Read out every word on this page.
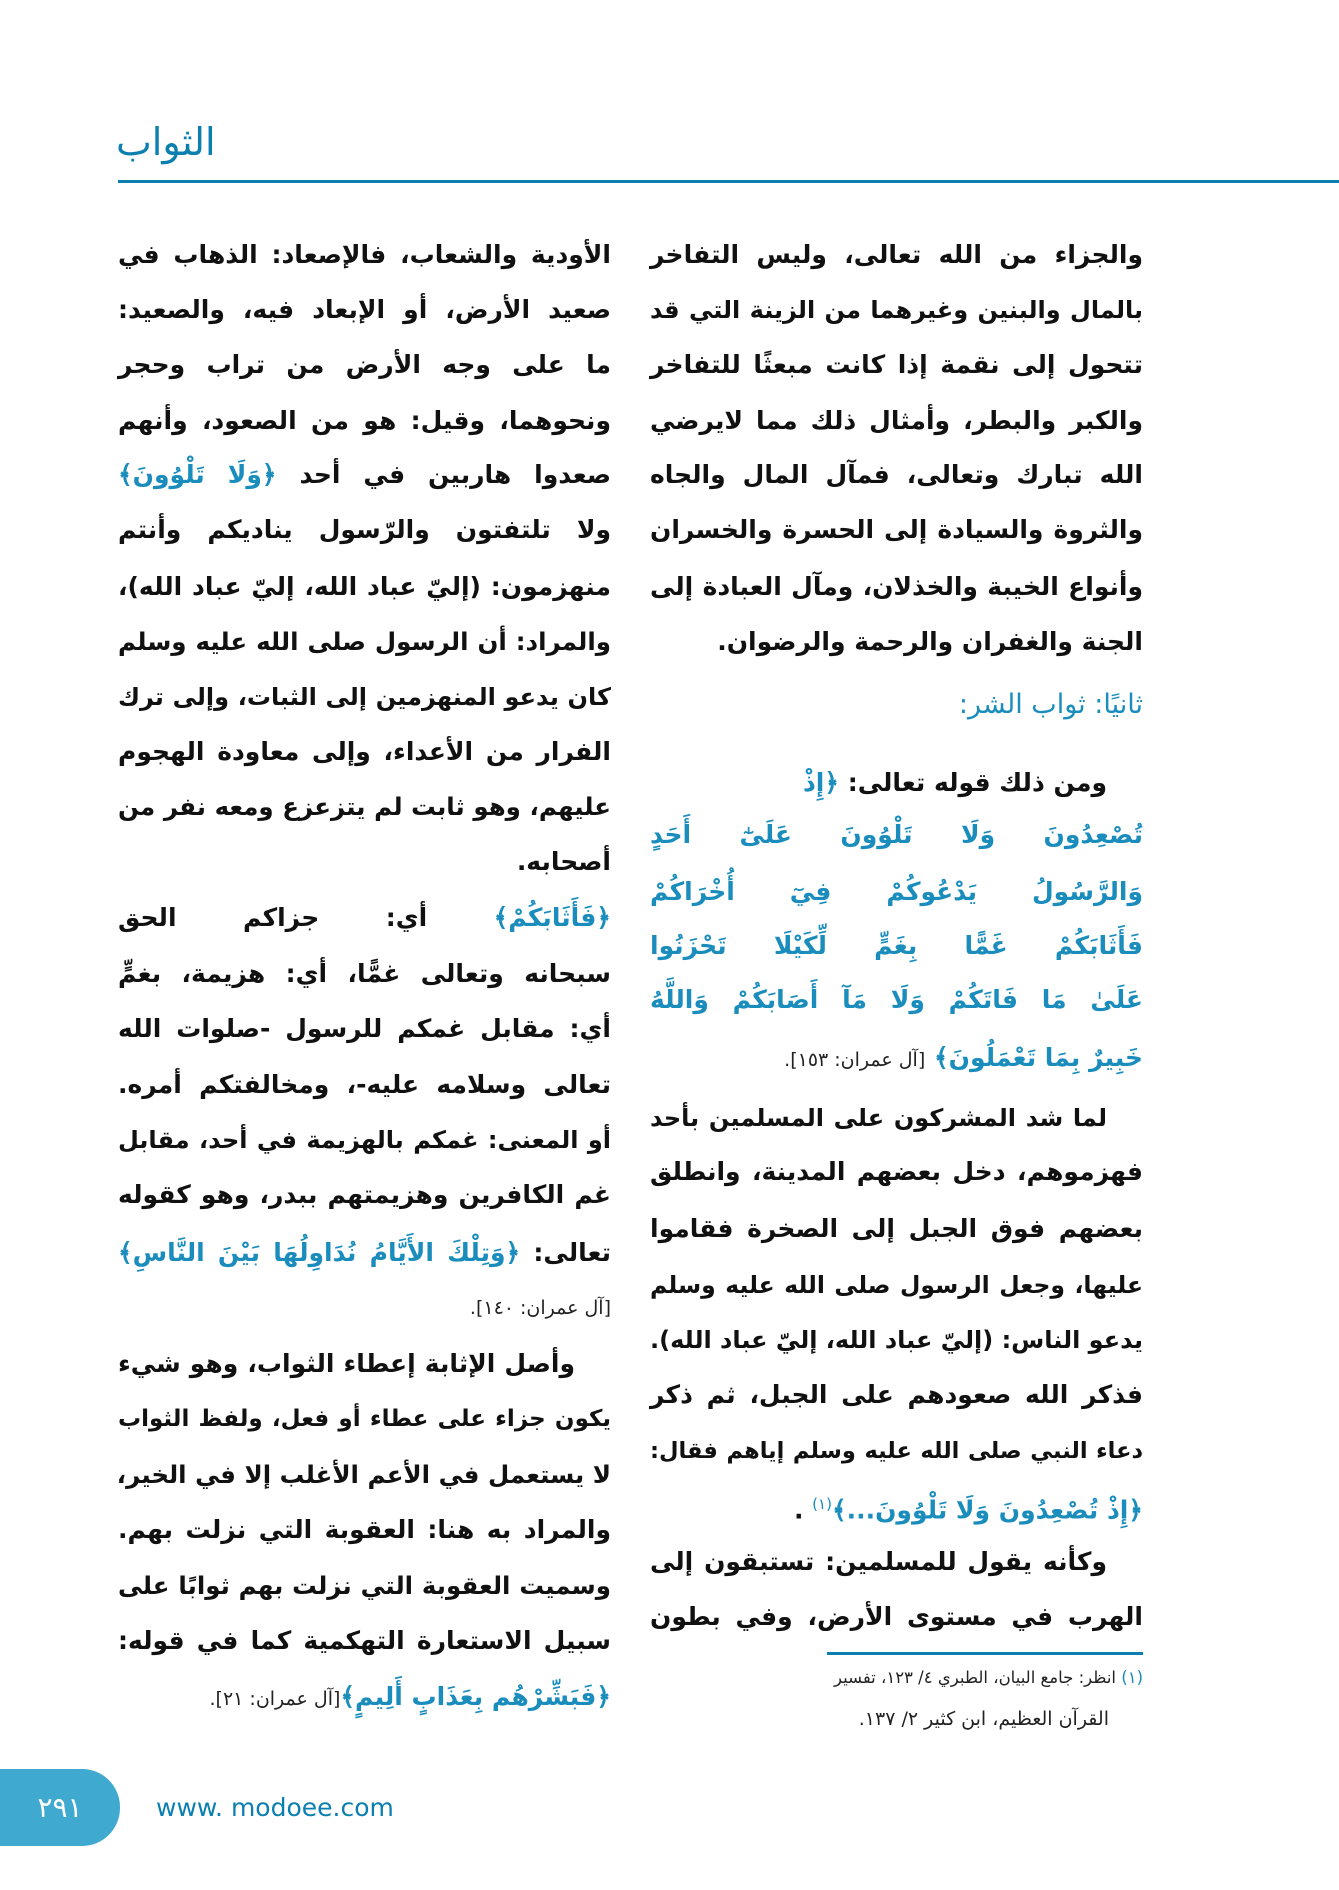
الثواب
ثانيًا: ثواب الشر:
والجزاء من الله تعالى، وليس التفاخر
بالمال والبنين وغيرهما من الزينة التي قد
تتحول إلى نقمة إذا كانت مبعثًا للتفاخر
والكبر والبطر، وأمثال ذلك مما لايرضي
الله تبارك وتعالى، فمآل المال والجاه
والثروة والسيادة إلى الحسرة والخسران
وأنواع الخيبة والخذلان، ومآل العبادة إلى
الجنة والغفران والرحمة والرضوان.
ومن ذلك قوله تعالى: ﴿إِذْ
تُصْعِدُونَ وَلَا تَلْوُونَ عَلَىٰٓ أَحَدٍ
وَالرَّسُولُ يَدْعُوكُمْ فِيٓ أُخْرَاكُمْ
فَأَثَابَكُمْ غَمًّا بِغَمٍّ لِّكَيْلَا تَحْزَنُوا
عَلَىٰ مَا فَاتَكُمْ وَلَا مَآ أَصَابَكُمْ وَاللَّهُ
خَبِيرٌ بِمَا تَعْمَلُونَ﴾ [آل عمران: ١٥٣].
لما شد المشركون على المسلمين بأحد
فهزموهم، دخل بعضهم المدينة، وانطلق
بعضهم فوق الجبل إلى الصخرة فقاموا
عليها، وجعل الرسول صلى الله عليه وسلم
يدعو الناس: (إليّ عباد الله، إليّ عباد الله).
فذكر الله صعودهم على الجبل، ثم ذكر
دعاء النبي صلى الله عليه وسلم إياهم فقال:
﴿إِذْ تُصْعِدُونَ وَلَا تَلْوُونَ...﴾$^{(١)}$ .
وكأنه يقول للمسلمين: تستبقون إلى
الهرب في مستوى الأرض، وفي بطون
الأودية والشعاب، فالإصعاد: الذهاب في
صعيد الأرض، أو الإبعاد فيه، والصعيد:
ما على وجه الأرض من تراب وحجر
ونحوهما، وقيل: هو من الصعود، وأنهم
صعدوا هاربين في أحد ﴿وَلَا تَلْوُونَ﴾
ولا تلتفتون والرّسول يناديكم وأنتم
منهزمون: (إليّ عباد الله، إليّ عباد الله)،
والمراد: أن الرسول صلى الله عليه وسلم
كان يدعو المنهزمين إلى الثبات، وإلى ترك
الفرار من الأعداء، وإلى معاودة الهجوم
عليهم، وهو ثابت لم يتزعزع ومعه نفر من
أصحابه.
﴿فَأَثَابَكُمْ﴾ أي: جزاكم الحق
سبحانه وتعالى غمًّا، أي: هزيمة، بغمٍّ
أي: مقابل غمكم للرسول -صلوات الله
تعالى وسلامه عليه-، ومخالفتكم أمره.
أو المعنى: غمكم بالهزيمة في أحد، مقابل
غم الكافرين وهزيمتهم ببدر، وهو كقوله
تعالى: ﴿وَتِلْكَ الأَيَّامُ نُدَاوِلُهَا بَيْنَ النَّاسِ﴾
[آل عمران: ١٤٠].
وأصل الإثابة إعطاء الثواب، وهو شيء
يكون جزاء على عطاء أو فعل، ولفظ الثواب
لا يستعمل في الأعم الأغلب إلا في الخير،
والمراد به هنا: العقوبة التي نزلت بهم.
وسميت العقوبة التي نزلت بهم ثوابًا على
سبيل الاستعارة التهكمية كما في قوله:
﴿فَبَشِّرْهُم بِعَذَابٍ أَلِيمٍ﴾[آل عمران: ٢١].
(١) انظر: جامع البيان، الطبري ٤/ ١٢٣، تفسير
القرآن العظيم، ابن كثير ٢/ ١٣٧.
٢٩١	www. modoee.com
